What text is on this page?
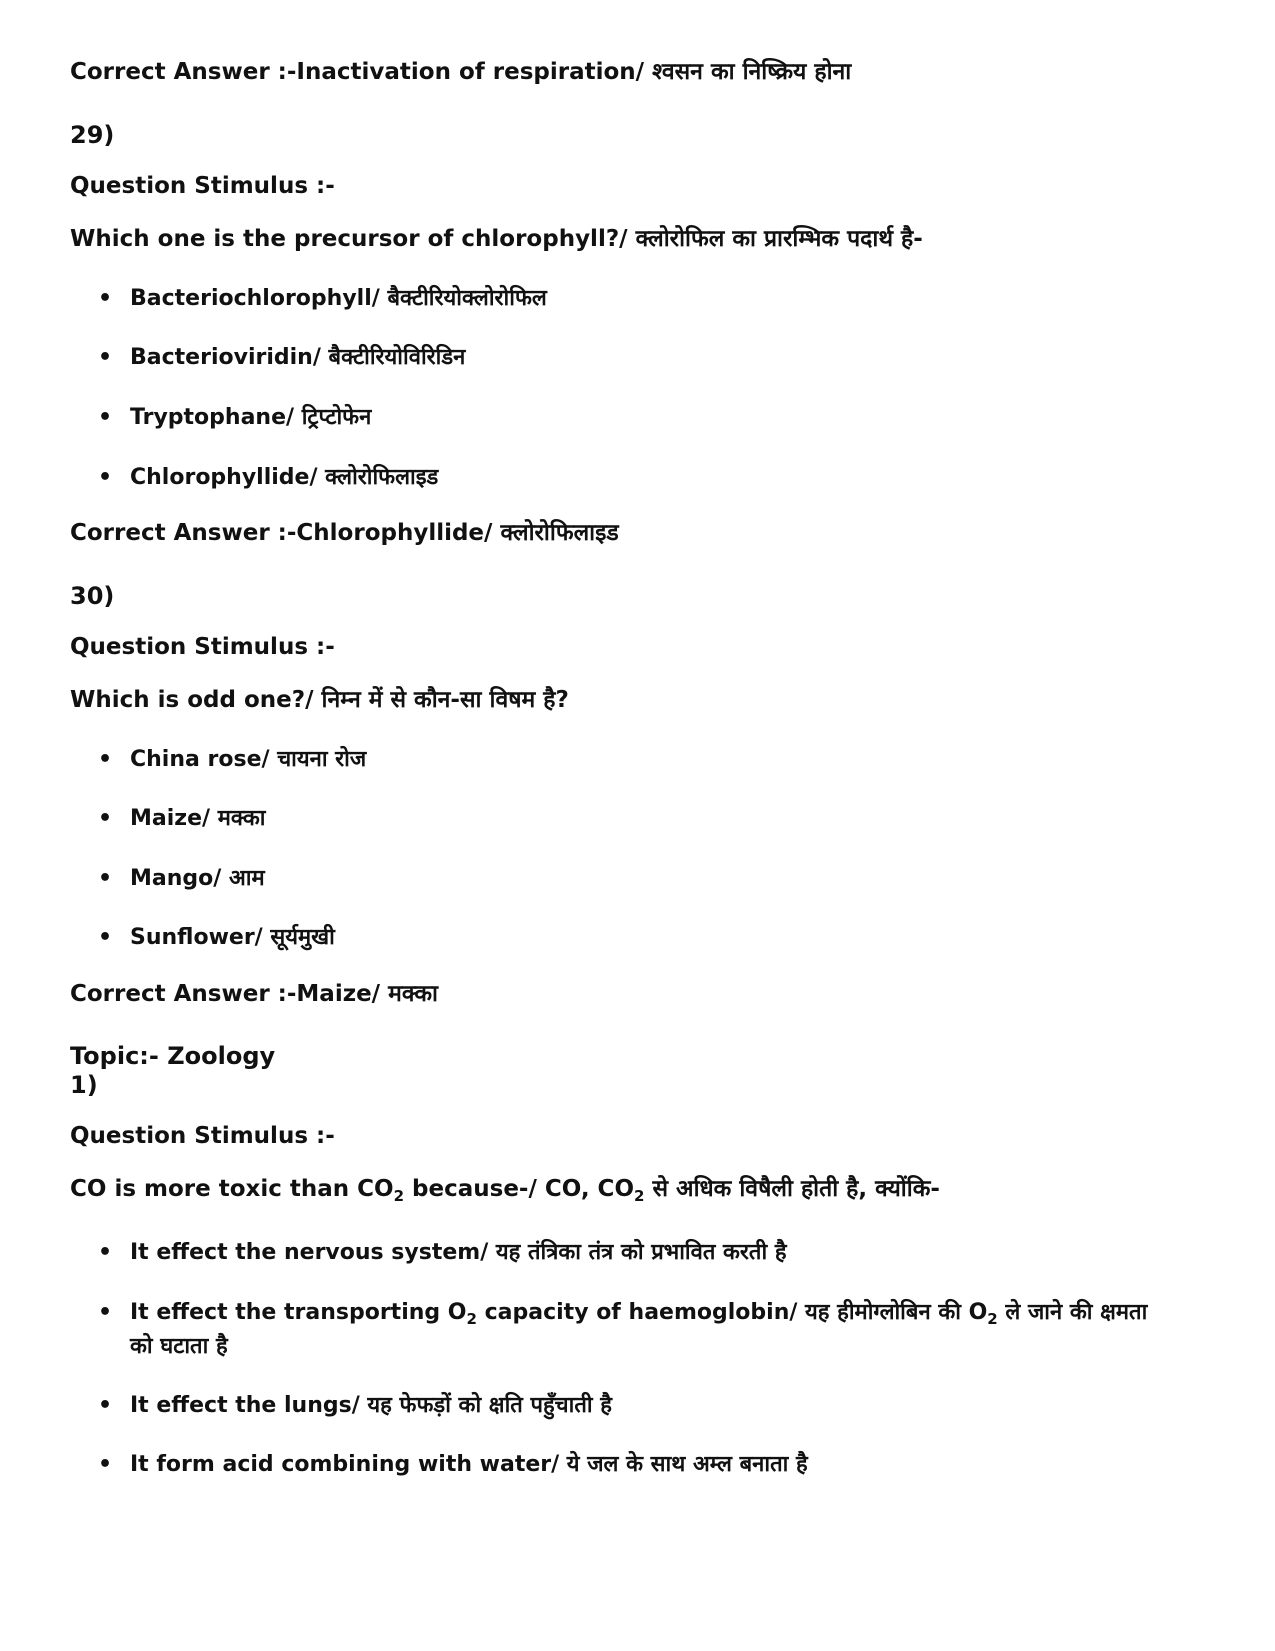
Correct Answer :-Inactivation of respiration/ श्वसन का निष्क्रिय होना

29)

Question Stimulus :-

Which one is the precursor of chlorophyll?/ क्लोरोफिल का प्रारम्भिक पदार्थ है-

• Bacteriochlorophyll/ बैक्टीरियोक्लोरोफिल
• Bacterioviridin/ बैक्टीरियोविरिडिन
• Tryptophane/ ट्रिप्टोफेन
• Chlorophyllide/ क्लोरोफिलाइड

Correct Answer :-Chlorophyllide/ क्लोरोफिलाइड

30)

Question Stimulus :-

Which is odd one?/ निम्न में से कौन-सा विषम है?

• China rose/ चायना रोज
• Maize/ मक्का
• Mango/ आम
• Sunflower/ सूर्यमुखी

Correct Answer :-Maize/ मक्का

Topic:- Zoology

1)

Question Stimulus :-

CO is more toxic than $CO_2$ because-/ CO, $CO_2$ से अधिक विषैली होती है, क्योंकि-

• It effect the nervous system/ यह तंत्रिका तंत्र को प्रभावित करती है
• It effect the transporting $O_2$ capacity of haemoglobin/ यह हीमोग्लोबिन की $O_2$ ले जाने की क्षमता को घटाता है
• It effect the lungs/ यह फेफड़ों को क्षति पहुँचाती है
• It form acid combining with water/ ये जल के साथ अम्ल बनाता है
